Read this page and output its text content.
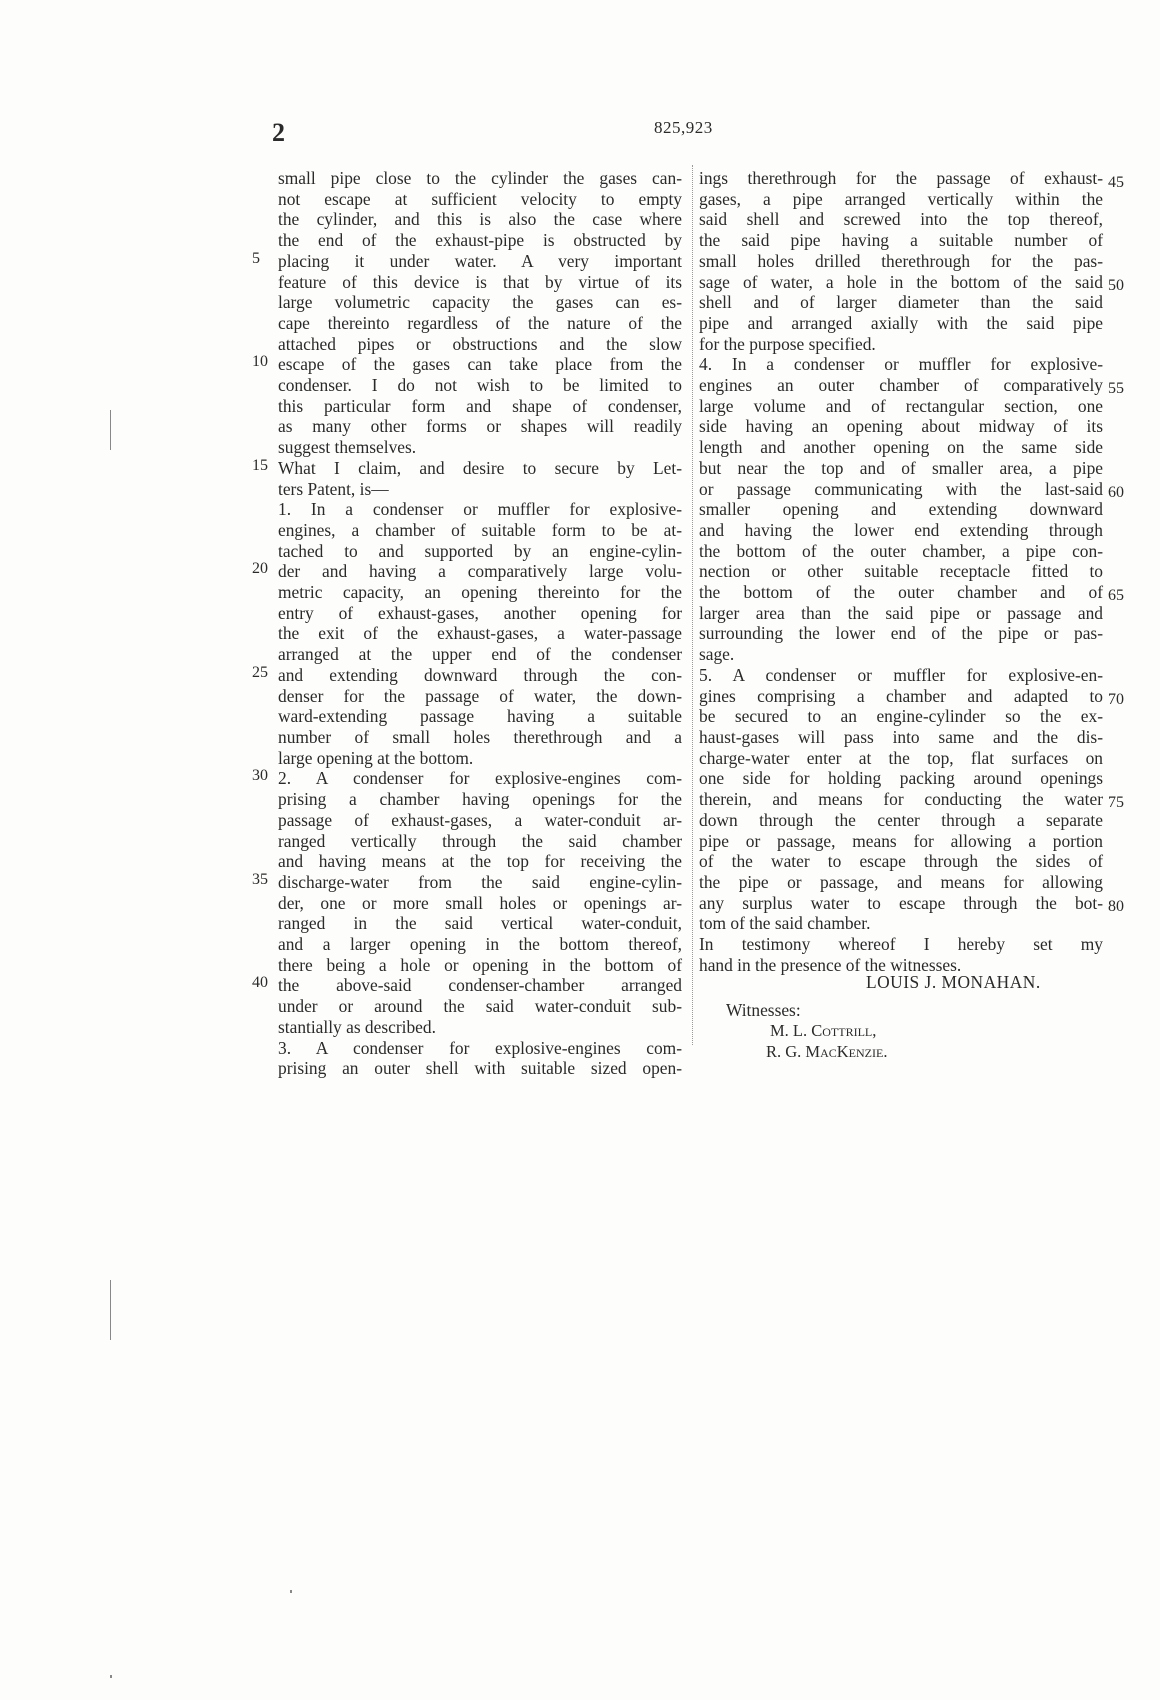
2	825,923
small pipe close to the cylinder the gases can-
not escape at sufficient velocity to empty
the cylinder, and this is also the case where
the end of the exhaust-pipe is obstructed by
placing it under water. A very important
feature of this device is that by virtue of its
large volumetric capacity the gases can es-
cape thereinto regardless of the nature of the
attached pipes or obstructions and the slow
escape of the gases can take place from the
condenser. I do not wish to be limited to
this particular form and shape of condenser,
as many other forms or shapes will readily
suggest themselves.
What I claim, and desire to secure by Let-
ters Patent, is—
1. In a condenser or muffler for explosive-
engines, a chamber of suitable form to be at-
tached to and supported by an engine-cylin-
der and having a comparatively large volu-
metric capacity, an opening thereinto for the
entry of exhaust-gases, another opening for
the exit of the exhaust-gases, a water-passage
arranged at the upper end of the condenser
and extending downward through the con-
denser for the passage of water, the down-
ward-extending passage having a suitable
number of small holes therethrough and a
large opening at the bottom.
2. A condenser for explosive-engines com-
prising a chamber having openings for the
passage of exhaust-gases, a water-conduit ar-
ranged vertically through the said chamber
and having means at the top for receiving the
discharge-water from the said engine-cylin-
der, one or more small holes or openings ar-
ranged in the said vertical water-conduit,
and a larger opening in the bottom thereof,
there being a hole or opening in the bottom of
the above-said condenser-chamber arranged
under or around the said water-conduit sub-
stantially as described.
3. A condenser for explosive-engines com-
prising an outer shell with suitable sized open-
ings therethrough for the passage of exhaust-
gases, a pipe arranged vertically within the
said shell and screwed into the top thereof,
the said pipe having a suitable number of
small holes drilled therethrough for the pas-
sage of water, a hole in the bottom of the said
shell and of larger diameter than the said
pipe and arranged axially with the said pipe
for the purpose specified.
4. In a condenser or muffler for explosive-
engines an outer chamber of comparatively
large volume and of rectangular section, one
side having an opening about midway of its
length and another opening on the same side
but near the top and of smaller area, a pipe
or passage communicating with the last-said
smaller opening and extending downward
and having the lower end extending through
the bottom of the outer chamber, a pipe con-
nection or other suitable receptacle fitted to
the bottom of the outer chamber and of
larger area than the said pipe or passage and
surrounding the lower end of the pipe or pas-
sage.
5. A condenser or muffler for explosive-en-
gines comprising a chamber and adapted to
be secured to an engine-cylinder so the ex-
haust-gases will pass into same and the dis-
charge-water enter at the top, flat surfaces on
one side for holding packing around openings
therein, and means for conducting the water
down through the center through a separate
pipe or passage, means for allowing a portion
of the water to escape through the sides of
the pipe or passage, and means for allowing
any surplus water to escape through the bot-
tom of the said chamber.
In testimony whereof I hereby set my
hand in the presence of the witnesses.
5
10
15
20
25
30
35
40
45
50
55
60
65
70
75
80
LOUIS J. MONAHAN.
Witnesses:
M. L. Cottrill,
R. G. MacKenzie.
